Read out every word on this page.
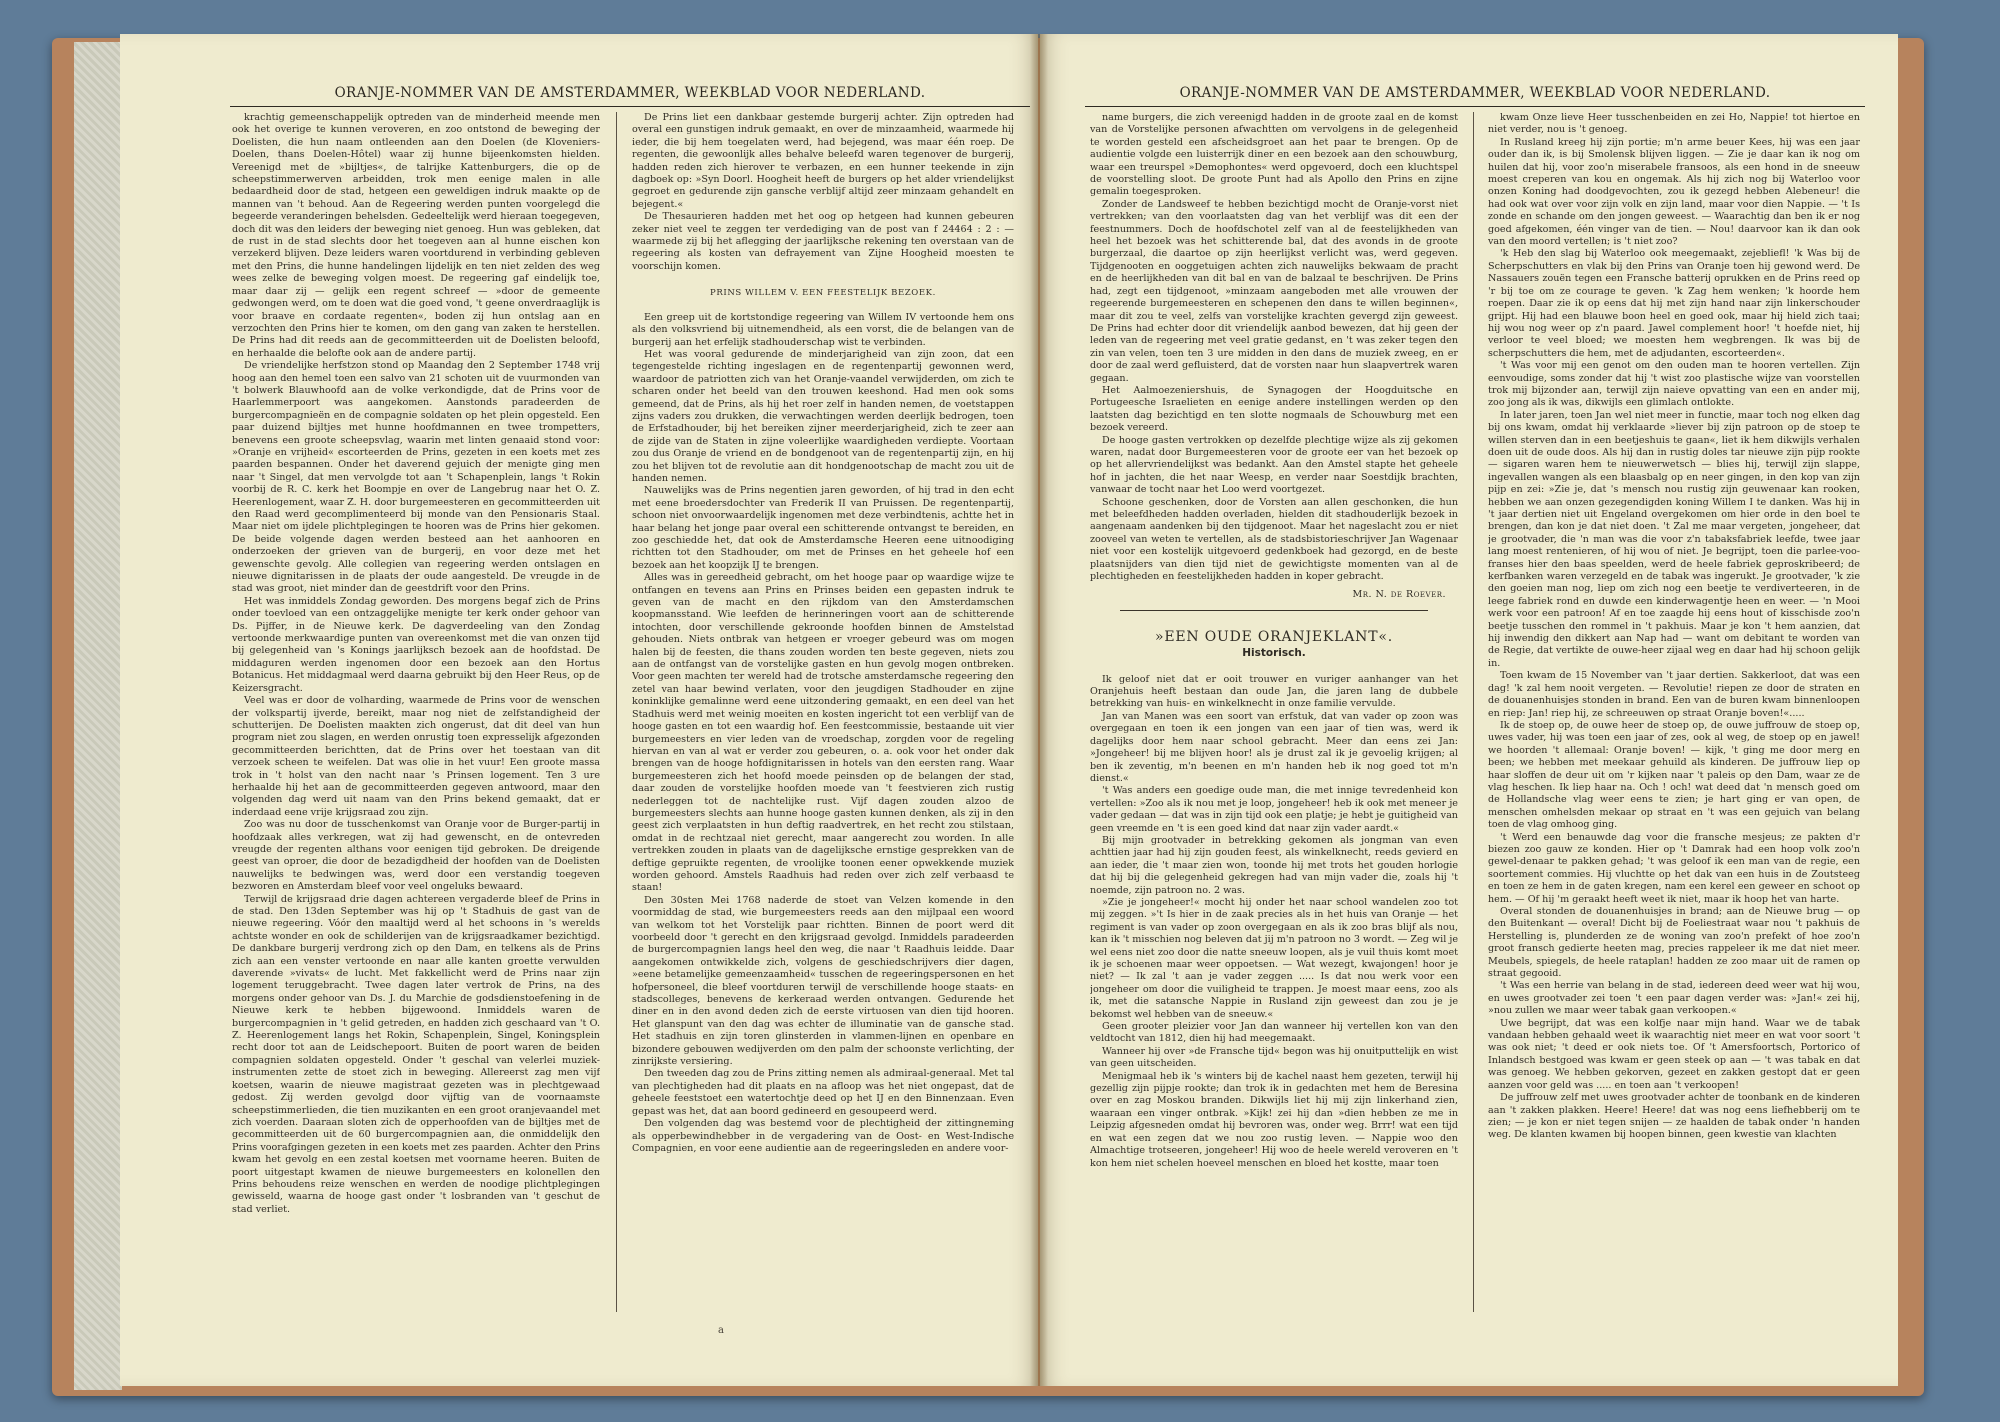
ORANJE-NOMMER VAN DE AMSTERDAMMER, WEEKBLAD VOOR NEDERLAND.	ORANJE-NOMMER VAN DE AMSTERDAMMER, WEEKBLAD VOOR NEDERLAND.

krachtig gemeenschappelijk optreden van de minderheid meende men ook het overige te kunnen veroveren, en zoo ontstond de beweging der Doelisten, die hun naam ontleenden aan den Doelen (de Kloveniers-Doelen, thans Doelen-Hôtel) waar zij hunne bijeenkomsten hielden. Vereenigd met de »bijltjes«, de talrijke Kattenburgers, die op de scheepstimmerwerven arbeidden, trok men eenige malen in alle bedaardheid door de stad, hetgeen een geweldigen indruk maakte op de mannen van 't behoud. Aan de Regeering werden punten voorgelegd die begeerde veranderingen behelsden. Gedeeltelijk werd hieraan toegegeven, doch dit was den leiders der beweging niet genoeg. Hun was gebleken, dat de rust in de stad slechts door het toegeven aan al hunne eischen kon verzekerd blijven. Deze leiders waren voortdurend in verbinding gebleven met den Prins, die hunne handelingen lijdelijk en ten niet zelden des weg wees zelke de beweging volgen moest. De regeering gaf eindelijk toe, maar daar zij — gelijk een regent schreef — »door de gemeente gedwongen werd, om te doen wat die goed vond, 't geene onverdraaglijk is voor braave en cordaate regenten«, boden zij hun ontslag aan en verzochten den Prins hier te komen, om den gang van zaken te herstellen. De Prins had dit reeds aan de gecommitteerden uit de Doelisten beloofd, en herhaalde die belofte ook aan de andere partij.

De vriendelijke herfstzon stond op Maandag den 2 September 1748 vrij hoog aan den hemel toen een salvo van 21 schoten uit de vuurmonden van 't bolwerk Blauwhoofd aan de volke verkondigde, dat de Prins voor de Haarlemmerpoort was aangekomen. Aanstonds paradeerden de burgercompagnieën en de compagnie soldaten op het plein opgesteld. Een paar duizend bijltjes met hunne hoofdmannen en twee trompetters, benevens een groote scheepsvlag, waarin met linten genaaid stond voor: »Oranje en vrijheid« escorteerden de Prins, gezeten in een koets met zes paarden bespannen. Onder het daverend gejuich der menigte ging men naar 't Singel, dat men vervolgde tot aan 't Schapenplein, langs 't Rokin voorbij de R. C. kerk het Boompje en over de Langebrug naar het O. Z. Heerenlogement, waar Z. H. door burgemeesteren en gecommitteerden uit den Raad werd gecomplimenteerd bij monde van den Pensionaris Staal. Maar niet om ijdele plichtplegingen te hooren was de Prins hier gekomen. De beide volgende dagen werden besteed aan het aanhooren en onderzoeken der grieven van de burgerij, en voor deze met het gewenschte gevolg. Alle collegien van regeering werden ontslagen en nieuwe dignitarissen in de plaats der oude aangesteld. De vreugde in de stad was groot, niet minder dan de geestdrift voor den Prins.

Het was inmiddels Zondag geworden. Des morgens begaf zich de Prins onder toevloed van een ontzaggelijke menigte ter kerk onder gehoor van Ds. Pijffer, in de Nieuwe kerk. De dagverdeeling van den Zondag vertoonde merkwaardige punten van overeenkomst met die van onzen tijd bij gelegenheid van 's Konings jaarlijksch bezoek aan de hoofdstad. De middaguren werden ingenomen door een bezoek aan den Hortus Botanicus. Het middagmaal werd daarna gebruikt bij den Heer Reus, op de Keizersgracht.

Veel was er door de volharding, waarmede de Prins voor de wenschen der volkspartij ijverde, bereikt, maar nog niet de zelfstandigheid der schutterijen. De Doelisten maakten zich ongerust, dat dit deel van hun program niet zou slagen, en werden onrustig toen expresselijk afgezonden gecommitteerden berichtten, dat de Prins over het toestaan van dit verzoek scheen te weifelen. Dat was olie in het vuur! Een groote massa trok in 't holst van den nacht naar 's Prinsen logement. Ten 3 ure herhaalde hij het aan de gecommitteerden gegeven antwoord, maar den volgenden dag werd uit naam van den Prins bekend gemaakt, dat er inderdaad eene vrije krijgsraad zou zijn.

Zoo was nu door de tusschenkomst van Oranje voor de Burger-partij in hoofdzaak alles verkregen, wat zij had gewenscht, en de ontevreden vreugde der regenten althans voor eenigen tijd gebroken. De dreigende geest van oproer, die door de bezadigdheid der hoofden van de Doelisten nauwelijks te bedwingen was, werd door een verstandig toegeven bezworen en Amsterdam bleef voor veel ongeluks bewaard.

Terwijl de krijgsraad drie dagen achtereen vergaderde bleef de Prins in de stad. Den 13den September was hij op 't Stadhuis de gast van de nieuwe regeering. Vóór den maaltijd werd al het schoons in 's werelds achtste wonder en ook de schilderijen van de krijgsraadkamer bezichtigd. De dankbare burgerij verdrong zich op den Dam, en telkens als de Prins zich aan een venster vertoonde en naar alle kanten groette verwulden daverende »vivats« de lucht. Met fakkellicht werd de Prins naar zijn logement teruggebracht. Twee dagen later vertrok de Prins, na des morgens onder gehoor van Ds. J. du Marchie de godsdienstoefening in de Nieuwe kerk te hebben bijgewoond. Inmiddels waren de burgercompagnien in 't gelid getreden, en hadden zich geschaard van 't O. Z. Heerenlogement langs het Rokin, Schapenplein, Singel, Koningsplein recht door tot aan de Leidschepoort. Buiten de poort waren de beiden compagnien soldaten opgesteld. Onder 't geschal van velerlei muziek-instrumenten zette de stoet zich in beweging. Allereerst zag men vijf koetsen, waarin de nieuwe magistraat gezeten was in plechtgewaad gedost. Zij werden gevolgd door vijftig van de voornaamste scheepstimmerlieden, die tien muzikanten en een groot oranjevaandel met zich voerden. Daaraan sloten zich de opperhoofden van de bijltjes met de gecommitteerden uit de 60 burgercompagnien aan, die onmiddelijk den Prins voorafgingen gezeten in een koets met zes paarden. Achter den Prins kwam het gevolg en een zestal koetsen met voorname heeren. Buiten de poort uitgestapt kwamen de nieuwe burgemeesters en kolonellen den Prins behoudens reize wenschen en werden de noodige plichtplegingen gewisseld, waarna de hooge gast onder 't losbranden van 't geschut de stad verliet.

De Prins liet een dankbaar gestemde burgerij achter. Zijn optreden had overal een gunstigen indruk gemaakt, en over de minzaamheid, waarmede hij ieder, die bij hem toegelaten werd, had bejegend, was maar één roep. De regenten, die gewoonlijk alles behalve beleefd waren tegenover de burgerij, hadden reden zich hierover te verbazen, en een hunner teekende in zijn dagboek op: »Syn Doorl. Hoogheit heeft de burgers op het alder vriendelijkst gegroet en gedurende zijn gansche verblijf altijd zeer minzaam gehandelt en bejegent.«

De Thesaurieren hadden met het oog op hetgeen had kunnen gebeuren zeker niet veel te zeggen ter verdediging van de post van f 24464 : 2 : — waarmede zij bij het aflegging der jaarlijksche rekening ten overstaan van de regeering als kosten van defrayement van Zijne Hoogheid moesten te voorschijn komen.

PRINS WILLEM V. EEN FEESTELIJK BEZOEK.

Een greep uit de kortstondige regeering van Willem IV vertoonde hem ons als den volksvriend bij uitnemendheid, als een vorst, die de belangen van de burgerij aan het erfelijk stadhouderschap wist te verbinden.

Het was vooral gedurende de minderjarigheid van zijn zoon, dat een tegengestelde richting ingeslagen en de regentenpartij gewonnen werd, waardoor de patriotten zich van het Oranje-vaandel verwijderden, om zich te scharen onder het beeld van den trouwen keeshond. Had men ook soms gemeend, dat de Prins, als hij het roer zelf in handen nemen, de voetstappen zijns vaders zou drukken, die verwachtingen werden deerlijk bedrogen, toen de Erfstadhouder, bij het bereiken zijner meerderjarigheid, zich te zeer aan de zijde van de Staten in zijne voleerlijke waardigheden verdiepte. Voortaan zou dus Oranje de vriend en de bondgenoot van de regentenpartij zijn, en hij zou het blijven tot de revolutie aan dit hondgenootschap de macht zou uit de handen nemen.

Nauwelijks was de Prins negentien jaren geworden, of hij trad in den echt met eene broedersdochter van Frederik II van Pruissen. De regentenpartij, schoon niet onvoorwaardelijk ingenomen met deze verbindtenis, achtte het in haar belang het jonge paar overal een schitterende ontvangst te bereiden, en zoo geschiedde het, dat ook de Amsterdamsche Heeren eene uitnoodiging richtten tot den Stadhouder, om met de Prinses en het geheele hof een bezoek aan het koopzijk IJ te brengen.

Alles was in gereedheid gebracht, om het hooge paar op waardige wijze te ontfangen en tevens aan Prins en Prinses beiden een gepasten indruk te geven van de macht en den rijkdom van den Amsterdamschen koopmansstand. Wie leefden de herinneringen voort aan de schitterende intochten, door verschillende gekroonde hoofden binnen de Amstelstad gehouden. Niets ontbrak van hetgeen er vroeger gebeurd was om mogen halen bij de feesten, die thans zouden worden ten beste gegeven, niets zou aan de ontfangst van de vorstelijke gasten en hun gevolg mogen ontbreken. Voor geen machten ter wereld had de trotsche amsterdamsche regeering den zetel van haar bewind verlaten, voor den jeugdigen Stadhouder en zijne koninklijke gemalinne werd eene uitzondering gemaakt, en een deel van het Stadhuis werd met weinig moeiten en kosten ingericht tot een verblijf van de hooge gasten en tot een waardig hof. Een feestcommissie, bestaande uit vier burgemeesters en vier leden van de vroedschap, zorgden voor de regeling hiervan en van al wat er verder zou gebeuren, o. a. ook voor het onder dak brengen van de hooge hofdignitarissen in hotels van den eersten rang. Waar burgemeesteren zich het hoofd moede peinsden op de belangen der stad, daar zouden de vorstelijke hoofden moede van 't feestvieren zich rustig nederleggen tot de nachtelijke rust. Vijf dagen zouden alzoo de burgemeesters slechts aan hunne hooge gasten kunnen denken, als zij in den geest zich verplaatsten in hun deftig raadvertrek, en het recht zou stilstaan, omdat in de rechtzaal niet gerecht, maar aangerecht zou worden. In alle vertrekken zouden in plaats van de dagelijksche ernstige gesprekken van de deftige gepruikte regenten, de vroolijke toonen eener opwekkende muziek worden gehoord. Amstels Raadhuis had reden over zich zelf verbaasd te staan!

Den 30sten Mei 1768 naderde de stoet van Velzen komende in den voormiddag de stad, wie burgemeesters reeds aan den mijlpaal een woord van welkom tot het Vorstelijk paar richtten. Binnen de poort werd dit voorbeeld door 't gerecht en den krijgsraad gevolgd. Inmiddels paradeerden de burgercompagnien langs heel den weg, die naar 't Raadhuis leidde. Daar aangekomen ontwikkelde zich, volgens de geschiedschrijvers dier dagen, »eene betamelijke gemeenzaamheid« tusschen de regeeringspersonen en het hofpersoneel, die bleef voortduren terwijl de verschillende hooge staats- en stadscolleges, benevens de kerkeraad werden ontvangen. Gedurende het diner en in den avond deden zich de eerste virtuosen van dien tijd hooren. Het glanspunt van den dag was echter de illuminatie van de gansche stad. Het stadhuis en zijn toren glinsterden in vlammen-lijnen en openbare en bizondere gebouwen wedijverden om den palm der schoonste verlichting, der zinrijkste versiering.

Den tweeden dag zou de Prins zitting nemen als admiraal-generaal. Met tal van plechtigheden had dit plaats en na afloop was het niet ongepast, dat de geheele feeststoet een watertochtje deed op het IJ en den Binnenzaan. Even gepast was het, dat aan boord gedineerd en gesoupeerd werd.

Den volgenden dag was bestemd voor de plechtigheid der zittingneming als opperbewindhebber in de vergadering van de Oost- en West-Indische Compagnien, en voor eene audientie aan de regeeringsleden en andere voor-

name burgers, die zich vereenigd hadden in de groote zaal en de komst van de Vorstelijke personen afwachtten om vervolgens in de gelegenheid te worden gesteld een afscheidsgroet aan het paar te brengen. Op de audientie volgde een luisterrijk diner en een bezoek aan den schouwburg, waar een treurspel »Demophontes« werd opgevoerd, doch een kluchtspel de voorstelling sloot. De groote Punt had als Apollo den Prins en zijne gemalin toegesproken.

Zonder de Landsweef te hebben bezichtigd mocht de Oranje-vorst niet vertrekken; van den voorlaatsten dag van het verblijf was dit een der feestnummers. Doch de hoofdschotel zelf van al de feestelijkheden van heel het bezoek was het schitterende bal, dat des avonds in de groote burgerzaal, die daartoe op zijn heerlijkst verlicht was, werd gegeven. Tijdgenooten en ooggetuigen achten zich nauwelijks bekwaam de pracht en de heerlijkheden van dit bal en van de balzaal te beschrijven. De Prins had, zegt een tijdgenoot, »minzaam aangeboden met alle vrouwen der regeerende burgemeesteren en schepenen den dans te willen beginnen«, maar dit zou te veel, zelfs van vorstelijke krachten gevergd zijn geweest. De Prins had echter door dit vriendelijk aanbod bewezen, dat hij geen der leden van de regeering met veel gratie gedanst, en 't was zeker tegen den zin van velen, toen ten 3 ure midden in den dans de muziek zweeg, en er door de zaal werd gefluisterd, dat de vorsten naar hun slaapvertrek waren gegaan.

Het Aalmoezeniershuis, de Synagogen der Hoogduitsche en Portugeesche Israelieten en eenige andere instellingen werden op den laatsten dag bezichtigd en ten slotte nogmaals de Schouwburg met een bezoek vereerd.

De hooge gasten vertrokken op dezelfde plechtige wijze als zij gekomen waren, nadat door Burgemeesteren voor de groote eer van het bezoek op op het allervriendelijkst was bedankt. Aan den Amstel stapte het geheele hof in jachten, die het naar Weesp, en verder naar Soestdijk brachten, vanwaar de tocht naar het Loo werd voortgezet.

Schoone geschenken, door de Vorsten aan allen geschonken, die hun met beleefdheden hadden overladen, hielden dit stadhouderlijk bezoek in aangenaam aandenken bij den tijdgenoot. Maar het nageslacht zou er niet zooveel van weten te vertellen, als de stadsbistorieschrijver Jan Wagenaar niet voor een kostelijk uitgevoerd gedenkboek had gezorgd, en de beste plaatsnijders van dien tijd niet de gewichtigste momenten van al de plechtigheden en feestelijkheden hadden in koper gebracht.

Mr. N. de Roever.
»EEN OUDE ORANJEKLANT«.
Historisch.

Ik geloof niet dat er ooit trouwer en vuriger aanhanger van het Oranjehuis heeft bestaan dan oude Jan, die jaren lang de dubbele betrekking van huis- en winkelknecht in onze familie vervulde.

Jan van Manen was een soort van erfstuk, dat van vader op zoon was overgegaan en toen ik een jongen van een jaar of tien was, werd ik dagelijks door hem naar school gebracht. Meer dan eens zei Jan: »Jongeheer! bij me blijven hoor! als je drust zal ik je gevoelig krijgen; al ben ik zeventig, m'n beenen en m'n handen heb ik nog goed tot m'n dienst.«

't Was anders een goedige oude man, die met innige tevredenheid kon vertellen: »Zoo als ik nou met je loop, jongeheer! heb ik ook met meneer je vader gedaan — dat was in zijn tijd ook een platje; je hebt je guitigheid van geen vreemde en 't is een goed kind dat naar zijn vader aardt.«

Bij mijn grootvader in betrekking gekomen als jongman van even achttien jaar had hij zijn gouden feest, als winkelknecht, reeds gevierd en aan ieder, die 't maar zien won, toonde hij met trots het gouden horlogie dat hij bij die gelegenheid gekregen had van mijn vader die, zoals hij 't noemde, zijn patroon no. 2 was.

»Zie je jongeheer!« mocht hij onder het naar school wandelen zoo tot mij zeggen. »'t Is hier in de zaak precies als in het huis van Oranje — het regiment is van vader op zoon overgegaan en als ik zoo bras blijf als nou, kan ik 't misschien nog beleven dat jij m'n patroon no 3 wordt. — Zeg wil je wel eens niet zoo door die natte sneeuw loopen, als je vuil thuis komt moet ik je schoenen maar weer oppoetsen. — Wat wezegt, kwajongen! hoor je niet? — Ik zal 't aan je vader zeggen ..... Is dat nou werk voor een jongeheer om door die vuiligheid te trappen. Je moest maar eens, zoo als ik, met die satansche Nappie in Rusland zijn geweest dan zou je je bekomst wel hebben van de sneeuw.«

Geen grooter pleizier voor Jan dan wanneer hij vertellen kon van den veldtocht van 1812, dien hij had meegemaakt.

Wanneer hij over »de Fransche tijd« begon was hij onuitputtelijk en wist van geen uitscheiden.

Menigmaal heb ik 's winters bij de kachel naast hem gezeten, terwijl hij gezellig zijn pijpje rookte; dan trok ik in gedachten met hem de Beresina over en zag Moskou branden. Dikwijls liet hij mij zijn linkerhand zien, waaraan een vinger ontbrak. »Kijk! zei hij dan »dien hebben ze me in Leipzig afgesneden omdat hij bevroren was, onder weg. Brrr! wat een tijd en wat een zegen dat we nou zoo rustig leven. — Nappie woo den Almachtige trotseeren, jongeheer! Hij woo de heele wereld veroveren en 't kon hem niet schelen hoeveel menschen en bloed het kostte, maar toen

kwam Onze lieve Heer tusschenbeiden en zei Ho, Nappie! tot hiertoe en niet verder, nou is 't genoeg.

In Rusland kreeg hij zijn portie; m'n arme beuer Kees, hij was een jaar ouder dan ik, is bij Smolensk blijven liggen. — Zie je daar kan ik nog om huilen dat hij, voor zoo'n miserabele fransoos, als een hond in de sneeuw moest creperen van kou en ongemak. Als hij zich nog bij Waterloo voor onzen Koning had doodgevochten, zou ik gezegd hebben Alebeneur! die had ook wat over voor zijn volk en zijn land, maar voor dien Nappie. — 't Is zonde en schande om den jongen geweest. — Waarachtig dan ben ik er nog goed afgekomen, één vinger van de tien. — Nou! daarvoor kan ik dan ook van den moord vertellen; is 't niet zoo?

'k Heb den slag bij Waterloo ook meegemaakt, zejebliefl! 'k Was bij de Scherpschutters en vlak bij den Prins van Oranje toen hij gewond werd. De Nassauers zouën tegen een Fransche batterij oprukken en de Prins reed op 'r bij toe om ze courage te geven. 'k Zag hem wenken; 'k hoorde hem roepen. Daar zie ik op eens dat hij met zijn hand naar zijn linkerschouder grijpt. Hij had een blauwe boon heel en goed ook, maar hij hield zich taai; hij wou nog weer op z'n paard. Jawel complement hoor! 't hoefde niet, hij verloor te veel bloed; we moesten hem wegbrengen. Ik was bij de scherpschutters die hem, met de adjudanten, escorteerden«.

't Was voor mij een genot om den ouden man te hooren vertellen. Zijn eenvoudige, soms zonder dat hij 't wist zoo plastische wijze van voorstellen trok mij bijzonder aan, terwijl zijn naieve opvatting van een en ander mij, zoo jong als ik was, dikwijls een glimlach ontlokte.

In later jaren, toen Jan wel niet meer in functie, maar toch nog elken dag bij ons kwam, omdat hij verklaarde »liever bij zijn patroon op de stoep te willen sterven dan in een beetjeshuis te gaan«, liet ik hem dikwijls verhalen doen uit de oude doos. Als hij dan in rustig doles tar nieuwe zijn pijp rookte — sigaren waren hem te nieuwerwetsch — blies hij, terwijl zijn slappe, ingevallen wangen als een blaasbalg op en neer gingen, in den kop van zijn pijp en zei: »Zie je, dat 's mensch nou rustig zijn geuwenaar kan rooken, hebben we aan onzen gezegendigden koning Willem I te danken. Was hij in 't jaar dertien niet uit Engeland overgekomen om hier orde in den boel te brengen, dan kon je dat niet doen. 't Zal me maar vergeten, jongeheer, dat je grootvader, die 'n man was die voor z'n tabaksfabriek leefde, twee jaar lang moest rentenieren, of hij wou of niet. Je begrijpt, toen die parlee-voo-franses hier den baas speelden, werd de heele fabriek geproskribeerd; de kerfbanken waren verzegeld en de tabak was ingerukt. Je grootvader, 'k zie den goeien man nog, liep om zich nog een beetje te verdiverteeren, in de leege fabriek rond en duwde een kinderwagentje heen en weer. — 'n Mooi werk voor een patroon! Af en toe zaagde hij eens hout of kisschisde zoo'n beetje tusschen den rommel in 't pakhuis. Maar je kon 't hem aanzien, dat hij inwendig den dikkert aan Nap had — want om debitant te worden van de Regie, dat vertikte de ouwe-heer zijaal weg en daar had hij schoon gelijk in.

Toen kwam de 15 November van 't jaar dertien. Sakkerloot, dat was een dag! 'k zal hem nooit vergeten. — Revolutie! riepen ze door de straten en de douanenhuisjes stonden in brand. Een van de buren kwam binnenloopen en riep: Jan! riep hij, ze schreeuwen op straat Oranje boven!«.....

Ik de stoep op, de ouwe heer de stoep op, de ouwe juffrouw de stoep op, uwes vader, hij was toen een jaar of zes, ook al weg, de stoep op en jawel! we hoorden 't allemaal: Oranje boven! — kijk, 't ging me door merg en been; we hebben met meekaar gehuild als kinderen. De juffrouw liep op haar sloffen de deur uit om 'r kijken naar 't paleis op den Dam, waar ze de vlag heschen. Ik liep haar na. Och ! och! wat deed dat 'n mensch goed om de Hollandsche vlag weer eens te zien; je hart ging er van open, de menschen omhelsden mekaar op straat en 't was een gejuich van belang toen de vlag omhoog ging.

't Werd een benauwde dag voor die fransche mesjeus; ze pakten d'r biezen zoo gauw ze konden. Hier op 't Damrak had een hoop volk zoo'n gewel-denaar te pakken gehad; 't was geloof ik een man van de regie, een soortement commies. Hij vluchtte op het dak van een huis in de Zoutsteeg en toen ze hem in de gaten kregen, nam een kerel een geweer en schoot op hem. — Of hij 'm geraakt heeft weet ik niet, maar ik hoop het van harte.

Overal stonden de douanenhuisjes in brand; aan de Nieuwe brug — op den Buitenkant — overal! Dicht bij de Foeliestraat waar nou 't pakhuis de Herstelling is, plunderden ze de woning van zoo'n prefekt of hoe zoo'n groot fransch gedierte heeten mag, precies rappeleer ik me dat niet meer. Meubels, spiegels, de heele rataplan! hadden ze zoo maar uit de ramen op straat gegooid.

't Was een herrie van belang in de stad, iedereen deed weer wat hij wou, en uwes grootvader zei toen 't een paar dagen verder was: »Jan!« zei hij, »nou zullen we maar weer tabak gaan verkoopen.«

Uwe begrijpt, dat was een kolfje naar mijn hand. Waar we de tabak vandaan hebben gehaald weet ik waarachtig niet meer en wat voor soort 't was ook niet; 't deed er ook niets toe. Of 't Amersfoortsch, Portorico of Inlandsch bestgoed was kwam er geen steek op aan — 't was tabak en dat was genoeg. We hebben gekorven, gezeet en zakken gestopt dat er geen aanzen voor geld was ..... en toen aan 't verkoopen!

De juffrouw zelf met uwes grootvader achter de toonbank en de kinderen aan 't zakken plakken. Heere! Heere! dat was nog eens liefhebberij om te zien; — je kon er niet tegen snijen — ze haalden de tabak onder 'n handen weg. De klanten kwamen bij hoopen binnen, geen kwestie van klachten

a
